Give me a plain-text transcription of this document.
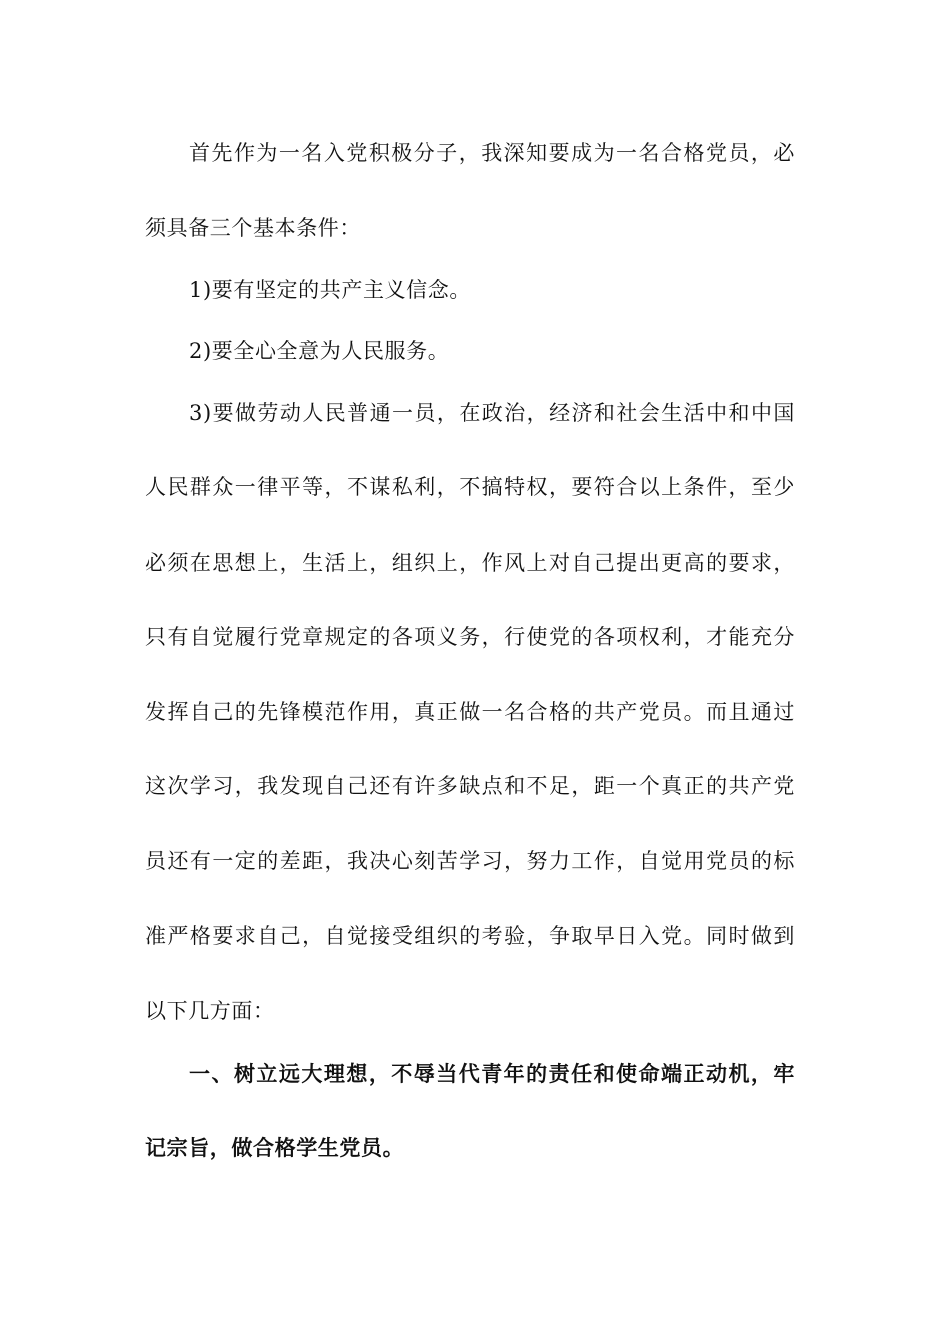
首先作为一名入党积极分子，我深知要成为一名合格党员，必
须具备三个基本条件：
1)要有坚定的共产主义信念。
2)要全心全意为人民服务。
3)要做劳动人民普通一员，在政治，经济和社会生活中和中国
人民群众一律平等，不谋私利，不搞特权，要符合以上条件，至少
必须在思想上，生活上，组织上，作风上对自己提出更高的要求，
只有自觉履行党章规定的各项义务，行使党的各项权利，才能充分
发挥自己的先锋模范作用，真正做一名合格的共产党员。而且通过
这次学习，我发现自己还有许多缺点和不足，距一个真正的共产党
员还有一定的差距，我决心刻苦学习，努力工作，自觉用党员的标
准严格要求自己，自觉接受组织的考验，争取早日入党。同时做到
以下几方面：
一、树立远大理想，不辱当代青年的责任和使命端正动机，牢
记宗旨，做合格学生党员。
